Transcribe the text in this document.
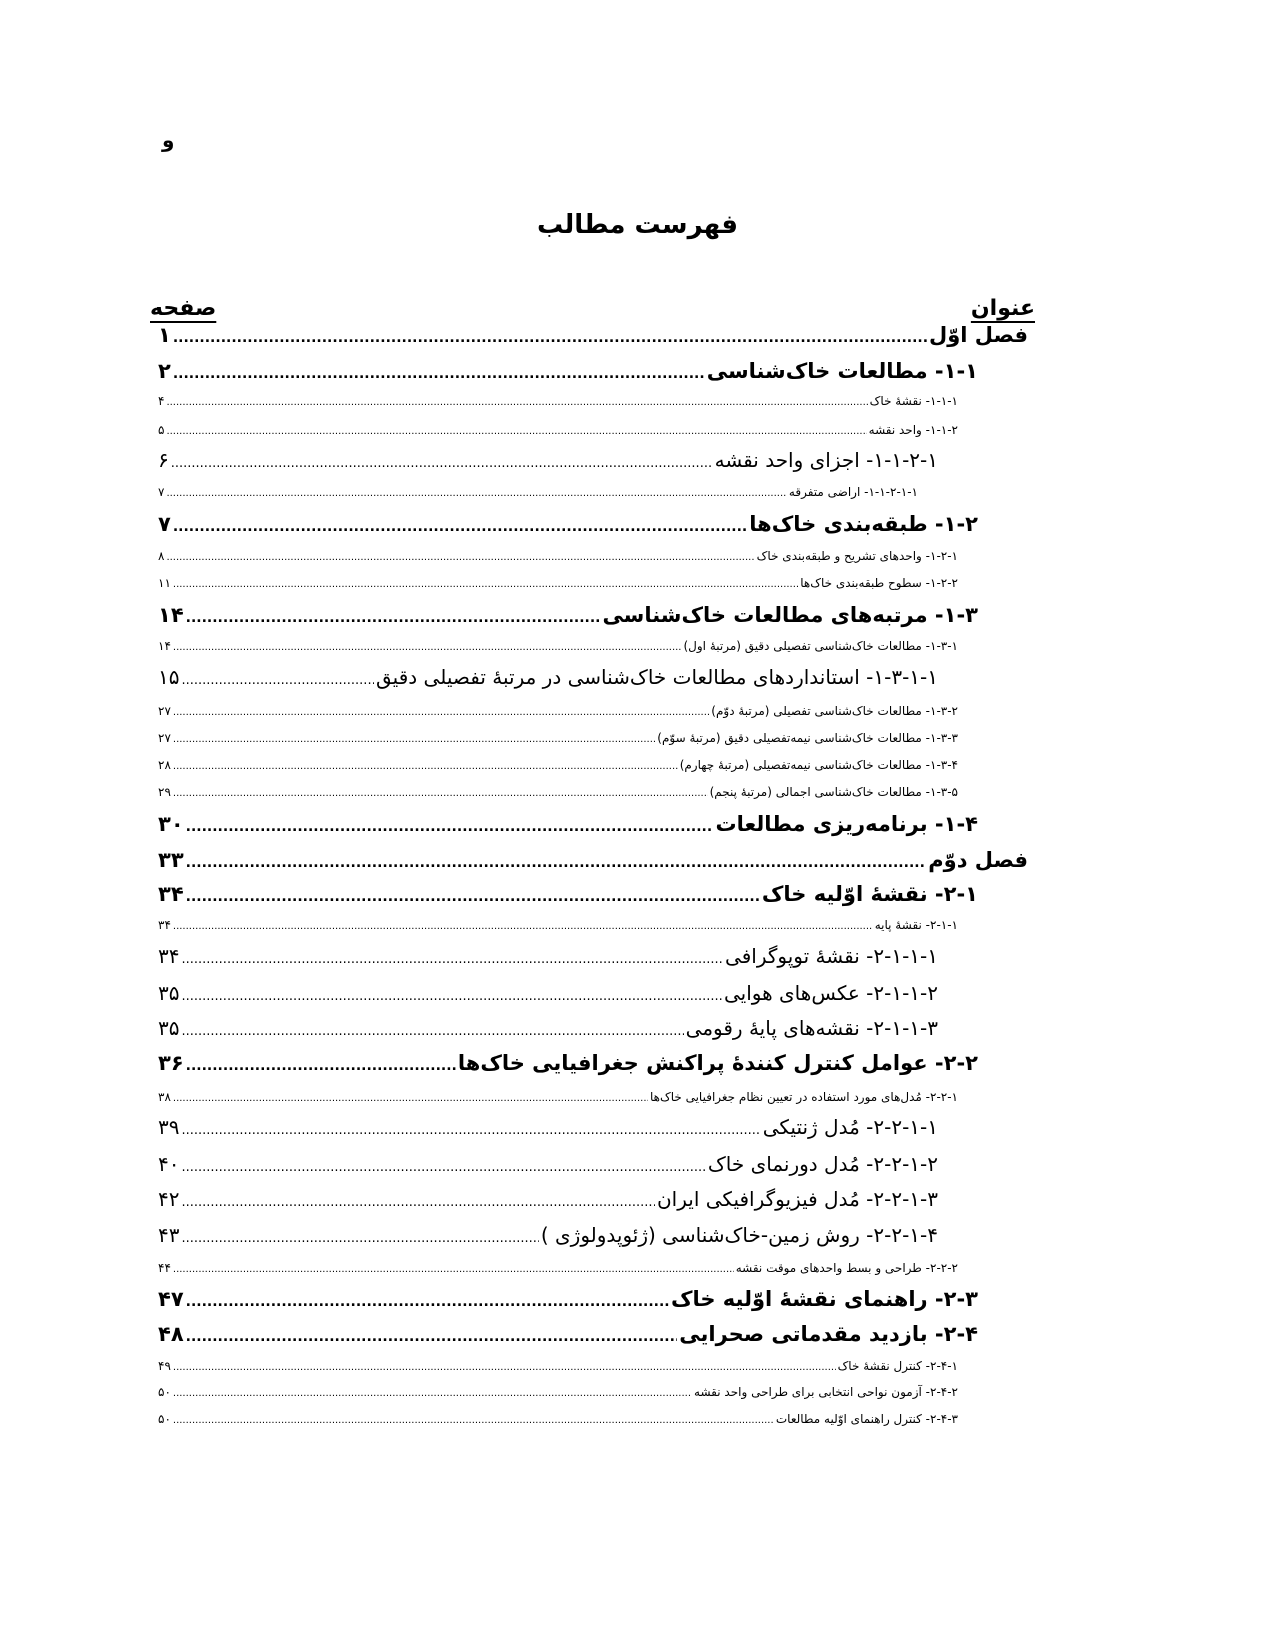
و
فهرست مطالب
عنوان
صفحه
فصل اوّل
.....
۱
۱-۱- مطالعات خاک‌شناسی
.....
۲
۱-۱-۱- نقشهٔ خاک
.....
۴
۱-۱-۲- واحد نقشه
.....
۵
۱-۱-۲-۱- اجزای واحد نقشه
.....
۶
۱-۱-۲-۱-۱- اراضی متفرقه
.....
۷
۱-۲- طبقه‌بندی خاک‌ها
.....
۷
۱-۲-۱- واحدهای تشریح و طبقه‌بندی خاک
.....
۸
۱-۲-۲- سطوح طبقه‌بندی خاک‌ها
.....
۱۱
۱-۳- مرتبه‌های مطالعات خاک‌شناسی
.....
۱۴
۱-۳-۱- مطالعات خاک‌شناسی تفصیلی دقیق (مرتبهٔ اول)
.....
۱۴
۱-۳-۱-۱- استانداردهای مطالعات خاک‌شناسی در مرتبهٔ تفصیلی دقیق
.....
۱۵
۱-۳-۲- مطالعات خاک‌شناسی تفصیلی (مرتبهٔ دوّم)
.....
۲۷
۱-۳-۳- مطالعات خاک‌شناسی نیمه‌تفصیلی دقیق (مرتبهٔ سوّم)
.....
۲۷
۱-۳-۴- مطالعات خاک‌شناسی نیمه‌تفصیلی (مرتبهٔ چهارم)
.....
۲۸
۱-۳-۵- مطالعات خاک‌شناسی اجمالی (مرتبهٔ پنجم)
.....
۲۹
۱-۴- برنامه‌ریزی مطالعات
.....
۳۰
فصل دوّم
.....
۳۳
۲-۱- نقشهٔ اوّلیه خاک
.....
۳۴
۲-۱-۱- نقشهٔ پایه
.....
۳۴
۲-۱-۱-۱- نقشهٔ توپوگرافی
.....
۳۴
۲-۱-۱-۲- عکس‌های هوایی
.....
۳۵
۲-۱-۱-۳- نقشه‌های پایهٔ رقومی
.....
۳۵
۲-۲- عوامل کنترل کنندهٔ پراکنش جغرافیایی خاک‌ها
.....
۳۶
۲-۲-۱- مُدل‌های مورد استفاده در تعیین نظام جغرافیایی خاک‌ها
.....
۳۸
۲-۲-۱-۱- مُدل ژنتیکی
.....
۳۹
۲-۲-۱-۲- مُدل دورنمای خاک
.....
۴۰
۲-۲-۱-۳- مُدل فیزیوگرافیکی ایران
.....
۴۲
۲-۲-۱-۴- روش زمین-خاک‌شناسی (ژئوپدولوژی )
.....
۴۳
۲-۲-۲- طراحی و بسط واحدهای موقت نقشه
.....
۴۴
۲-۳- راهنمای نقشهٔ اوّلیه خاک
.....
۴۷
۲-۴- بازدید مقدماتی صحرایی
.....
۴۸
۲-۴-۱- کنترل نقشهٔ خاک
.....
۴۹
۲-۴-۲- آزمون نواحی انتخابی برای طراحی واحد نقشه
.....
۵۰
۲-۴-۳- کنترل راهنمای اوّلیه مطالعات
.....
۵۰
